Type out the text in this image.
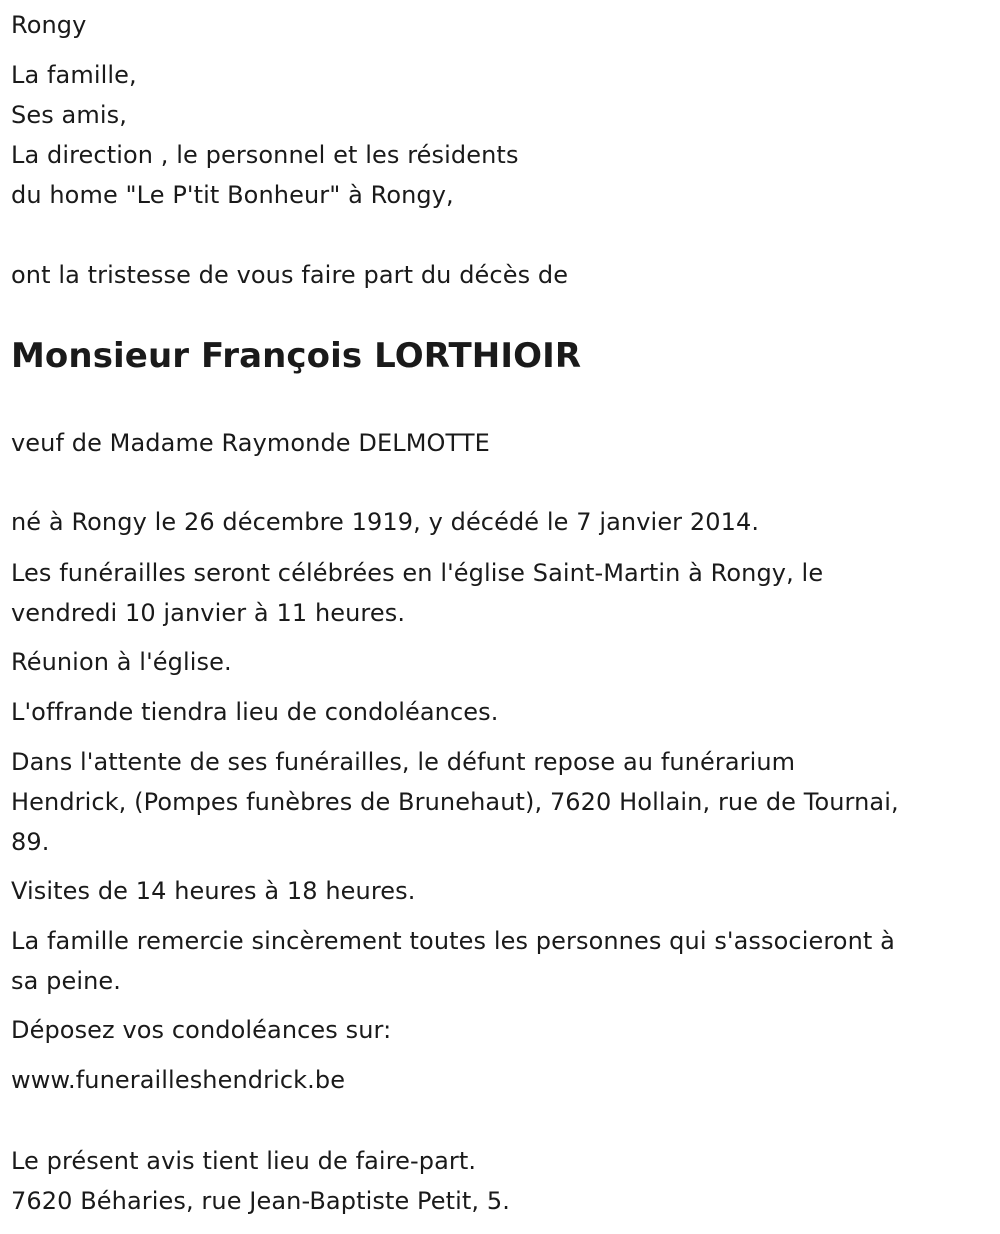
Rongy

La famille,

Ses amis,

La direction , le personnel et les résidents

du home "Le P'tit Bonheur" à Rongy,

ont la tristesse de vous faire part du décès de

Monsieur François LORTHIOIR

veuf de Madame Raymonde DELMOTTE

né à Rongy le 26 décembre 1919, y décédé le 7 janvier 2014.

Les funérailles seront célébrées en l'église Saint-Martin à Rongy, le

vendredi 10 janvier à 11 heures.

Réunion à l'église.

L'offrande tiendra lieu de condoléances.

Dans l'attente de ses funérailles, le défunt repose au funérarium

Hendrick, (Pompes funèbres de Brunehaut), 7620 Hollain, rue de Tournai,

89.

Visites de 14 heures à 18 heures.

La famille remercie sincèrement toutes les personnes qui s'associeront à

sa peine.

Déposez vos condoléances sur:

www.funerailleshendrick.be

Le présent avis tient lieu de faire-part.

7620 Béharies, rue Jean-Baptiste Petit, 5.
